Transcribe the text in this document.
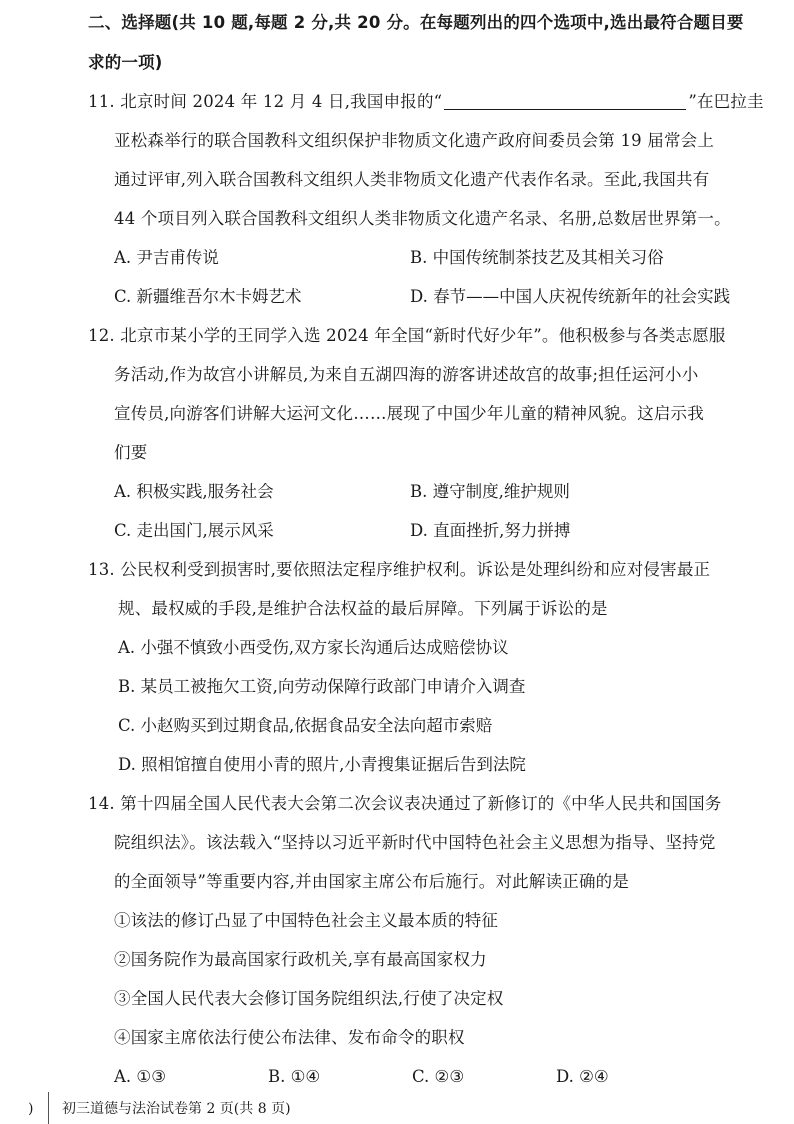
二、选择题(共 10 题,每题 2 分,共 20 分。在每题列出的四个选项中,选出最符合题目要
求的一项)
11. 北京时间 2024 年 12 月 4 日,我国申报的“	”在巴拉圭
亚松森举行的联合国教科文组织保护非物质文化遗产政府间委员会第 19 届常会上
通过评审,列入联合国教科文组织人类非物质文化遗产代表作名录。至此,我国共有
44 个项目列入联合国教科文组织人类非物质文化遗产名录、名册,总数居世界第一。
A. 尹吉甫传说	B. 中国传统制茶技艺及其相关习俗
C. 新疆维吾尔木卡姆艺术	D. 春节——中国人庆祝传统新年的社会实践
12. 北京市某小学的王同学入选 2024 年全国“新时代好少年”。他积极参与各类志愿服
务活动,作为故宫小讲解员,为来自五湖四海的游客讲述故宫的故事;担任运河小小
宣传员,向游客们讲解大运河文化……展现了中国少年儿童的精神风貌。这启示我
们要
A. 积极实践,服务社会	B. 遵守制度,维护规则
C. 走出国门,展示风采	D. 直面挫折,努力拼搏
13. 公民权利受到损害时,要依照法定程序维护权利。诉讼是处理纠纷和应对侵害最正
规、最权威的手段,是维护合法权益的最后屏障。下列属于诉讼的是
A. 小强不慎致小西受伤,双方家长沟通后达成赔偿协议
B. 某员工被拖欠工资,向劳动保障行政部门申请介入调查
C. 小赵购买到过期食品,依据食品安全法向超市索赔
D. 照相馆擅自使用小青的照片,小青搜集证据后告到法院
14. 第十四届全国人民代表大会第二次会议表决通过了新修订的《中华人民共和国国务
院组织法》。该法载入“坚持以习近平新时代中国特色社会主义思想为指导、坚持党
的全面领导”等重要内容,并由国家主席公布后施行。对此解读正确的是
①该法的修订凸显了中国特色社会主义最本质的特征
②国务院作为最高国家行政机关,享有最高国家权力
③全国人民代表大会修订国务院组织法,行使了决定权
④国家主席依法行使公布法律、发布命令的职权
A. ①③	B. ①④	C. ②③	D. ②④
) 初三道德与法治试卷第 2 页(共 8 页)
